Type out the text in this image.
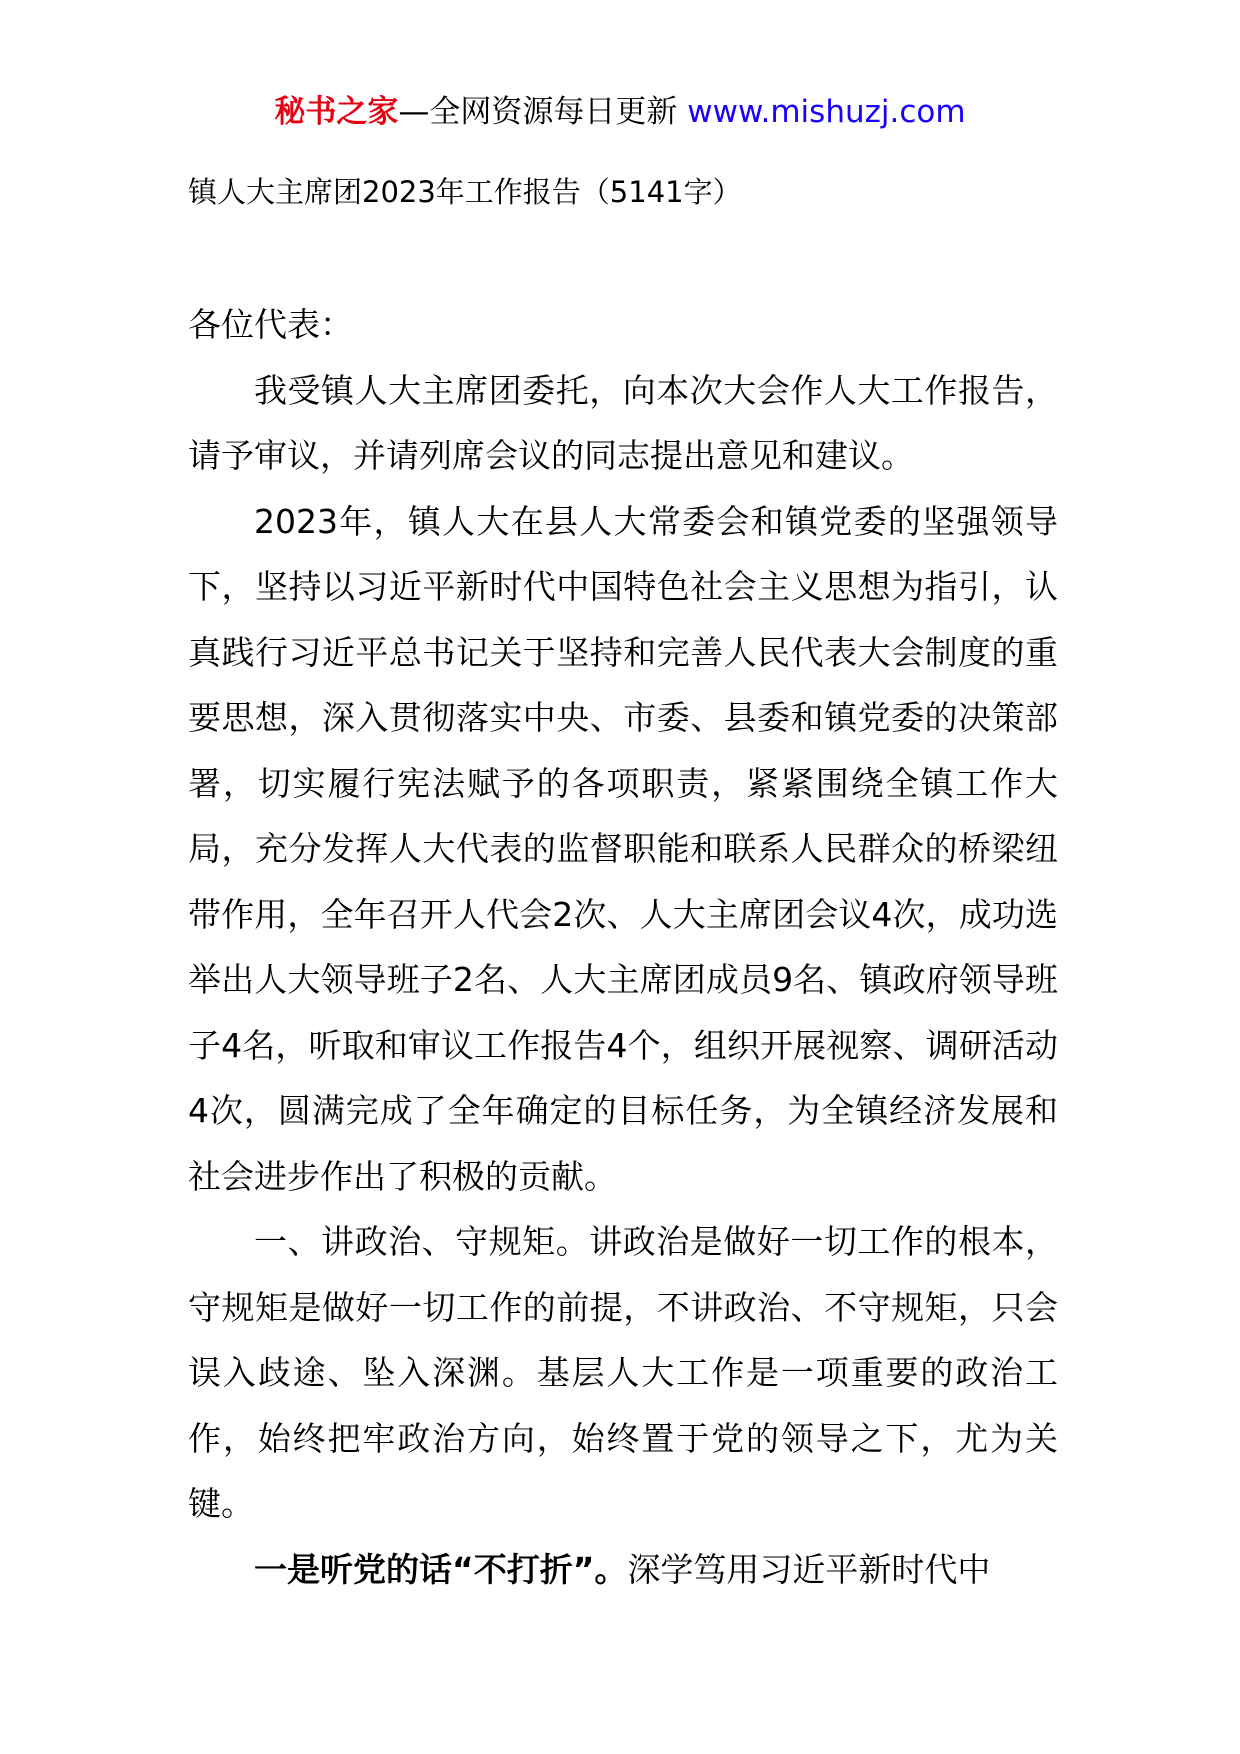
秘书之家—全网资源每日更新 www.mishuzj.com
镇人大主席团2023年工作报告（5141字）

各位代表：

我受镇人大主席团委托，向本次大会作人大工作报告，请予审议，并请列席会议的同志提出意见和建议。

2023年，镇人大在县人大常委会和镇党委的坚强领导下，坚持以习近平新时代中国特色社会主义思想为指引，认真践行习近平总书记关于坚持和完善人民代表大会制度的重要思想，深入贯彻落实中央、市委、县委和镇党委的决策部署，切实履行宪法赋予的各项职责，紧紧围绕全镇工作大局，充分发挥人大代表的监督职能和联系人民群众的桥梁纽带作用，全年召开人代会2次、人大主席团会议4次，成功选举出人大领导班子2名、人大主席团成员9名、镇政府领导班子4名，听取和审议工作报告4个，组织开展视察、调研活动4次，圆满完成了全年确定的目标任务，为全镇经济发展和社会进步作出了积极的贡献。

一、讲政治、守规矩。讲政治是做好一切工作的根本，守规矩是做好一切工作的前提，不讲政治、不守规矩，只会误入歧途、坠入深渊。基层人大工作是一项重要的政治工作，始终把牢政治方向，始终置于党的领导之下，尤为关键。

一是听党的话“不打折”。深学笃用习近平新时代中
